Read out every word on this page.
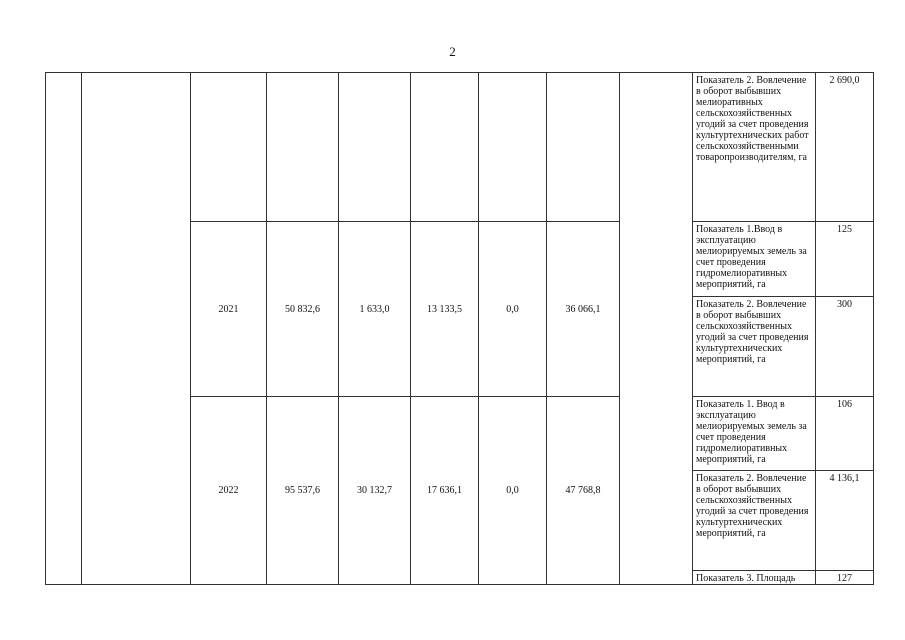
2
									Показатель 2. Вовлечение в оборот выбывших мелиоративных сельскохозяйственных угодий за счет проведения культуртехнических работ сельскохозяйственными товаропроизводителям, га	2 690,0
		2021	50 832,6	1 633,0	13 133,5	0,0	36 066,1		Показатель 1.Ввод в эксплуатацию мелиорируемых земель за счет проведения гидромелиоративных мероприятий, га	125
									Показатель 2. Вовлечение в оборот выбывших сельскохозяйственных угодий за счет проведения культуртехнических мероприятий, га	300
		2022	95 537,6	30 132,7	17 636,1	0,0	47 768,8		Показатель 1. Ввод в эксплуатацию мелиорируемых земель за счет проведения гидромелиоративных мероприятий, га	106
									Показатель 2. Вовлечение в оборот выбывших сельскохозяйственных угодий за счет проведения культуртехнических мероприятий, га	4 136,1
									Показатель 3. Площадь	127
